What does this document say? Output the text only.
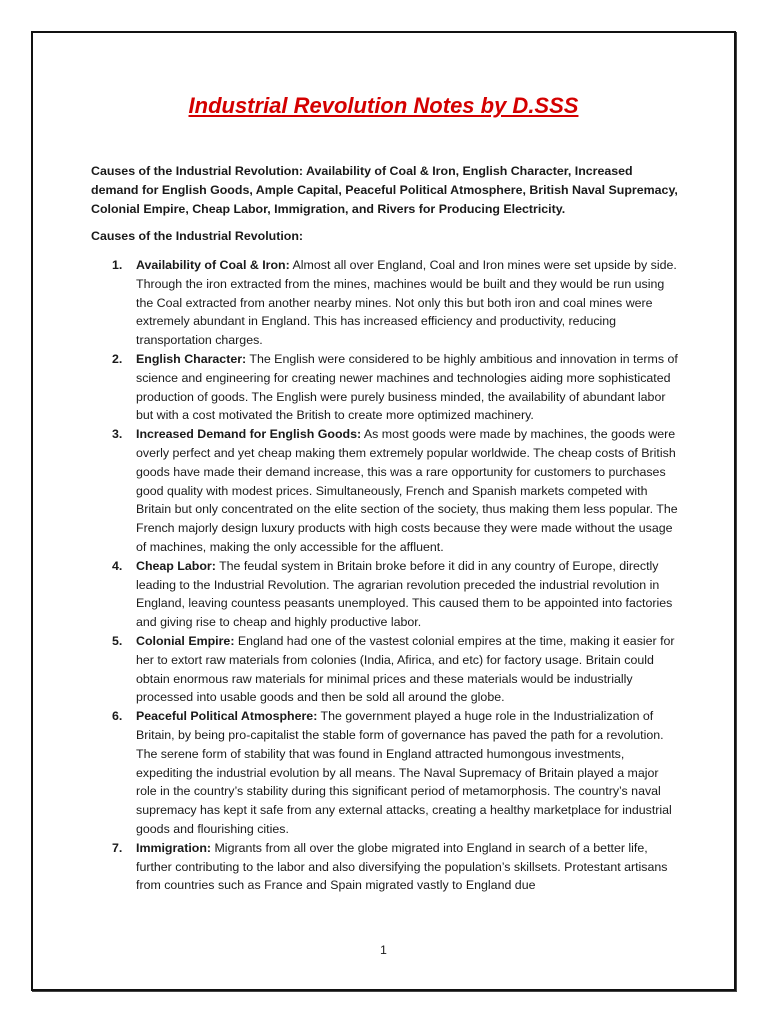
Industrial Revolution Notes by D.SSS

Causes of the Industrial Revolution: Availability of Coal & Iron, English Character, Increased demand for English Goods, Ample Capital, Peaceful Political Atmosphere, British Naval Supremacy, Colonial Empire, Cheap Labor, Immigration, and Rivers for Producing Electricity.

Causes of the Industrial Revolution:

1. Availability of Coal & Iron: Almost all over England, Coal and Iron mines were set upside by side. Through the iron extracted from the mines, machines would be built and they would be run using the Coal extracted from another nearby mines. Not only this but both iron and coal mines were extremely abundant in England. This has increased efficiency and productivity, reducing transportation charges.
2. English Character: The English were considered to be highly ambitious and innovation in terms of science and engineering for creating newer machines and technologies aiding more sophisticated production of goods. The English were purely business minded, the availability of abundant labor but with a cost motivated the British to create more optimized machinery.
3. Increased Demand for English Goods: As most goods were made by machines, the goods were overly perfect and yet cheap making them extremely popular worldwide. The cheap costs of British goods have made their demand increase, this was a rare opportunity for customers to purchases good quality with modest prices. Simultaneously, French and Spanish markets competed with Britain but only concentrated on the elite section of the society, thus making them less popular. The French majorly design luxury products with high costs because they were made without the usage of machines, making the only accessible for the affluent.
4. Cheap Labor: The feudal system in Britain broke before it did in any country of Europe, directly leading to the Industrial Revolution. The agrarian revolution preceded the industrial revolution in England, leaving countess peasants unemployed. This caused them to be appointed into factories and giving rise to cheap and highly productive labor.
5. Colonial Empire: England had one of the vastest colonial empires at the time, making it easier for her to extort raw materials from colonies (India, Afirica, and etc) for factory usage. Britain could obtain enormous raw materials for minimal prices and these materials would be industrially processed into usable goods and then be sold all around the globe.
6. Peaceful Political Atmosphere: The government played a huge role in the Industrialization of Britain, by being pro-capitalist the stable form of governance has paved the path for a revolution. The serene form of stability that was found in England attracted humongous investments, expediting the industrial evolution by all means. The Naval Supremacy of Britain played a major role in the country’s stability during this significant period of metamorphosis. The country’s naval supremacy has kept it safe from any external attacks, creating a healthy marketplace for industrial goods and flourishing cities.
7. Immigration: Migrants from all over the globe migrated into England in search of a better life, further contributing to the labor and also diversifying the population’s skillsets. Protestant artisans from countries such as France and Spain migrated vastly to England due
1
